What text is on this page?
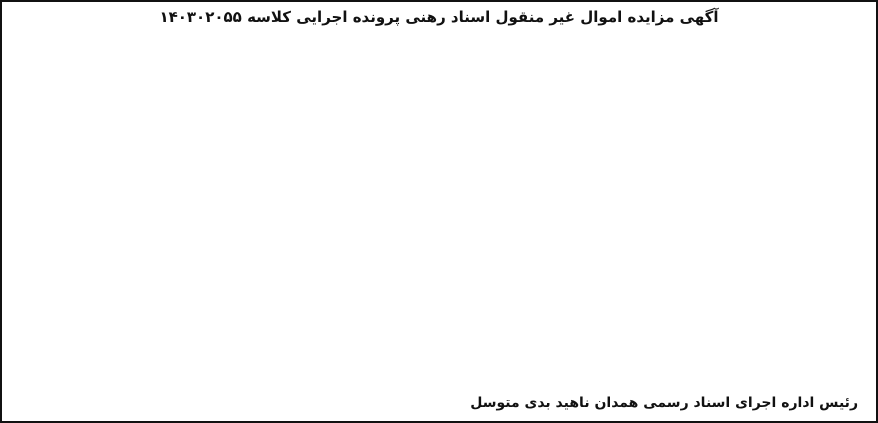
آگهی مزایده اموال غیر منقول اسناد رهنی پرونده اجرایی کلاسه ۱۴۰۳۰۲۰۵۵
رئیس اداره اجرای اسناد رسمی همدان ناهید بدی متوسل
